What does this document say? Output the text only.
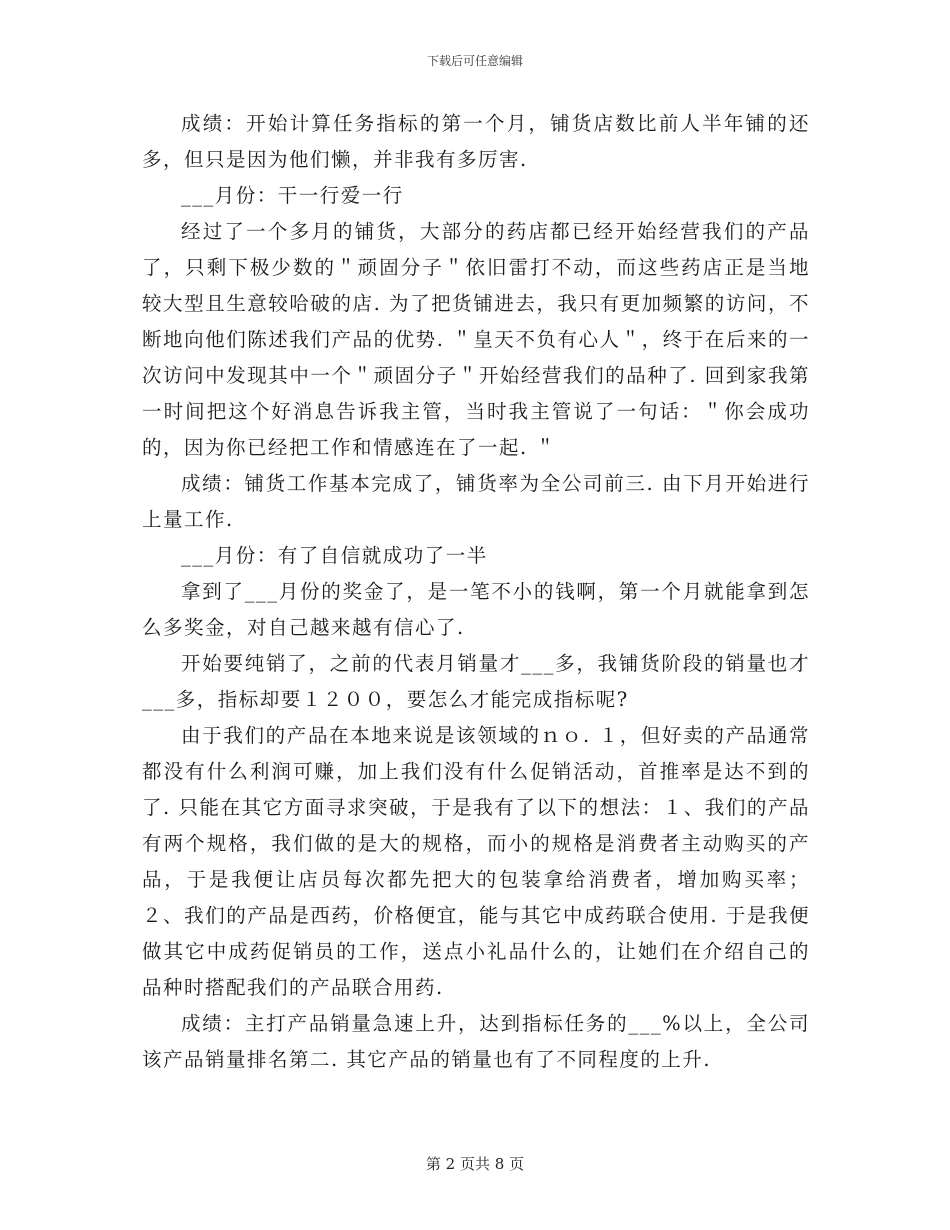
下载后可任意编辑

成绩：开始计算任务指标的第一个月，铺货店数比前人半年铺的还多，但只是因为他们懒，并非我有多厉害.

___月份：干一行爱一行

经过了一个多月的铺货，大部分的药店都已经开始经营我们的产品了，只剩下极少数的＂顽固分子＂依旧雷打不动，而这些药店正是当地较大型且生意较哈破的店. 为了把货铺进去，我只有更加频繁的访问，不断地向他们陈述我们产品的优势. ＂皇天不负有心人＂，终于在后来的一次访问中发现其中一个＂顽固分子＂开始经营我们的品种了. 回到家我第一时间把这个好消息告诉我主管，当时我主管说了一句话：＂你会成功的，因为你已经把工作和情感连在了一起. ＂

成绩：铺货工作基本完成了，铺货率为全公司前三. 由下月开始进行上量工作.

___月份：有了自信就成功了一半

拿到了___月份的奖金了，是一笔不小的钱啊，第一个月就能拿到怎么多奖金，对自己越来越有信心了.

开始要纯销了，之前的代表月销量才___多，我铺货阶段的销量也才___多，指标却要１２００，要怎么才能完成指标呢?

由于我们的产品在本地来说是该领域的ｎｏ. １，但好卖的产品通常都没有什么利润可赚，加上我们没有什么促销活动，首推率是达不到的了. 只能在其它方面寻求突破，于是我有了以下的想法：１、我们的产品有两个规格，我们做的是大的规格，而小的规格是消费者主动购买的产品，于是我便让店员每次都先把大的包装拿给消费者，增加购买率；２、我们的产品是西药，价格便宜，能与其它中成药联合使用. 于是我便做其它中成药促销员的工作，送点小礼品什么的，让她们在介绍自己的品种时搭配我们的产品联合用药.

成绩：主打产品销量急速上升，达到指标任务的___%以上，全公司该产品销量排名第二. 其它产品的销量也有了不同程度的上升.

第 2 页共 8 页
